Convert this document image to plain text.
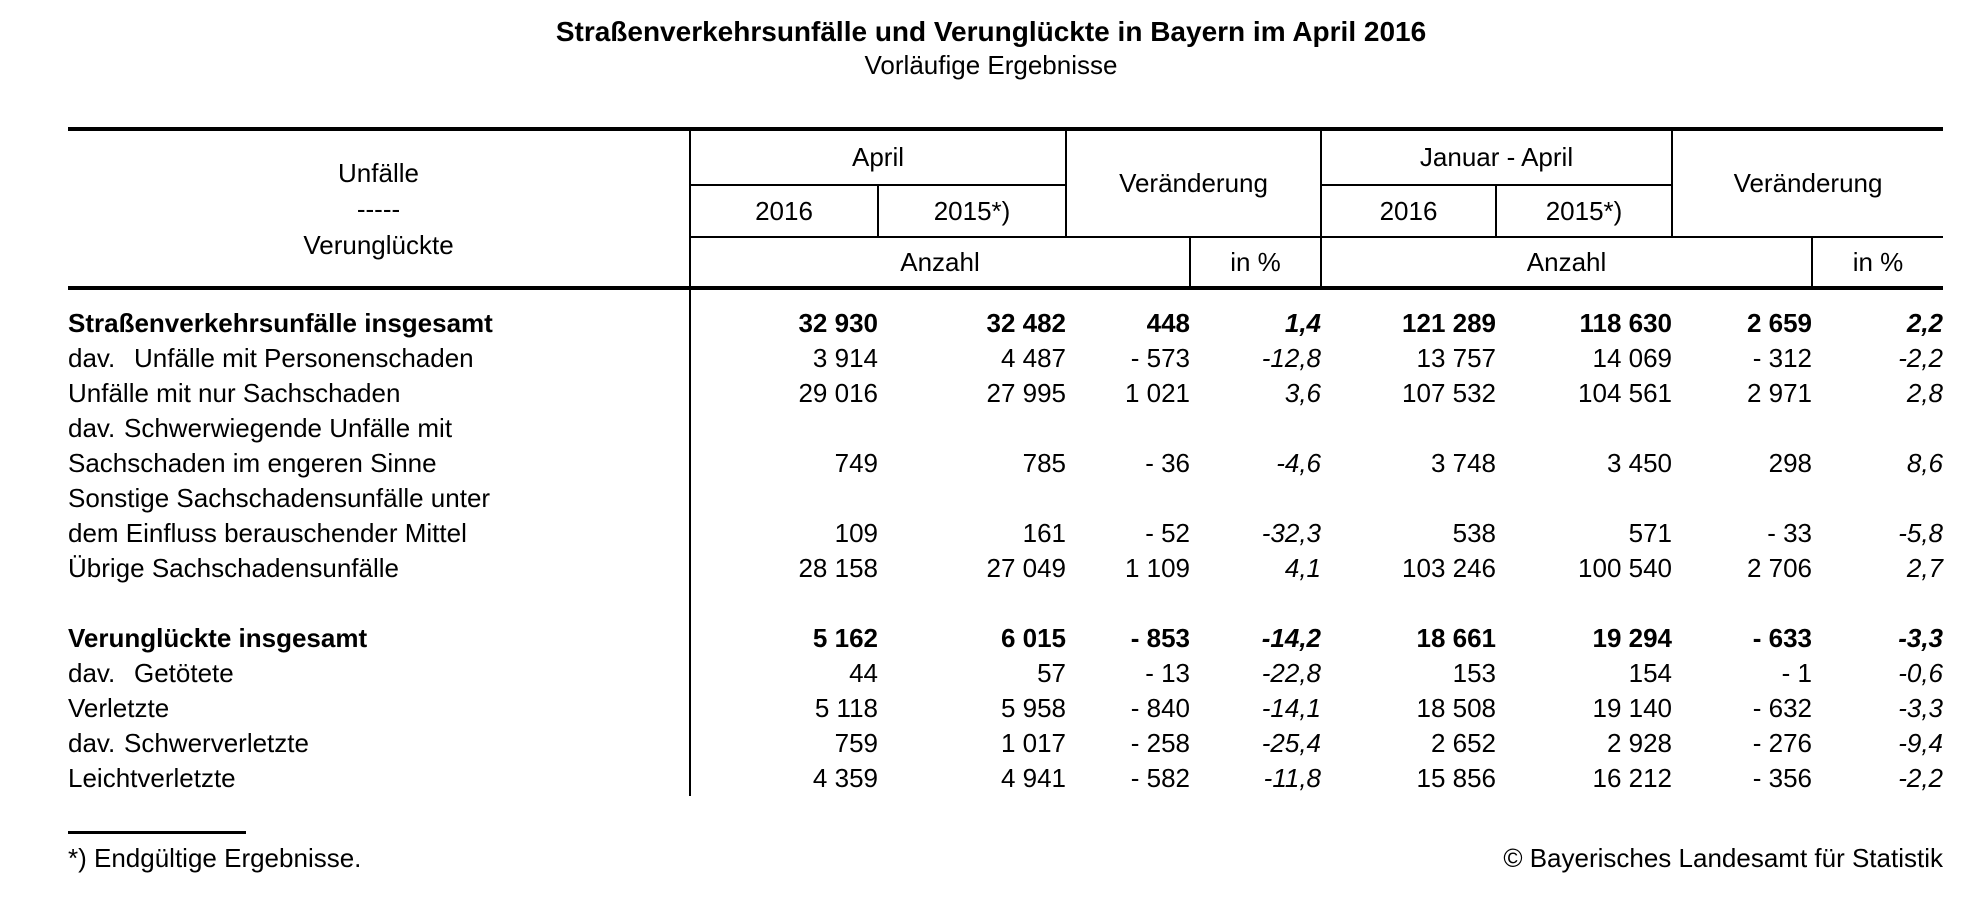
Straßenverkehrsunfälle und Verunglückte in Bayern im April 2016
Vorläufige Ergebnisse
Unfälle
-----
Verunglückte	April		Veränderung		Januar - April		Veränderung	
	2016	2015*)			2016	2015*)		
	Anzahl			in %	Anzahl			in %

Straßenverkehrsunfälle insgesamt	32 930	32 482	448	1,4	121 289	118 630	2 659	2,2
dav. Unfälle mit Personenschaden	3 914	4 487	- 573	-12,8	13 757	14 069	- 312	-2,2
Unfälle mit nur Sachschaden	29 016	27 995	1 021	3,6	107 532	104 561	2 971	2,8
dav. Schwerwiegende Unfälle mit								
Sachschaden im engeren Sinne	749	785	- 36	-4,6	3 748	3 450	298	8,6
Sonstige Sachschadensunfälle unter								
dem Einfluss berauschender Mittel	109	161	- 52	-32,3	538	571	- 33	-5,8
Übrige Sachschadensunfälle	28 158	27 049	1 109	4,1	103 246	100 540	2 706	2,7

Verunglückte insgesamt	5 162	6 015	- 853	-14,2	18 661	19 294	- 633	-3,3
dav. Getötete	44	57	- 13	-22,8	153	154	- 1	-0,6
Verletzte	5 118	5 958	- 840	-14,1	18 508	19 140	- 632	-3,3
dav. Schwerverletzte	759	1 017	- 258	-25,4	2 652	2 928	- 276	-9,4
Leichtverletzte	4 359	4 941	- 582	-11,8	15 856	16 212	- 356	-2,2
*) Endgültige Ergebnisse.	© Bayerisches Landesamt für Statistik
